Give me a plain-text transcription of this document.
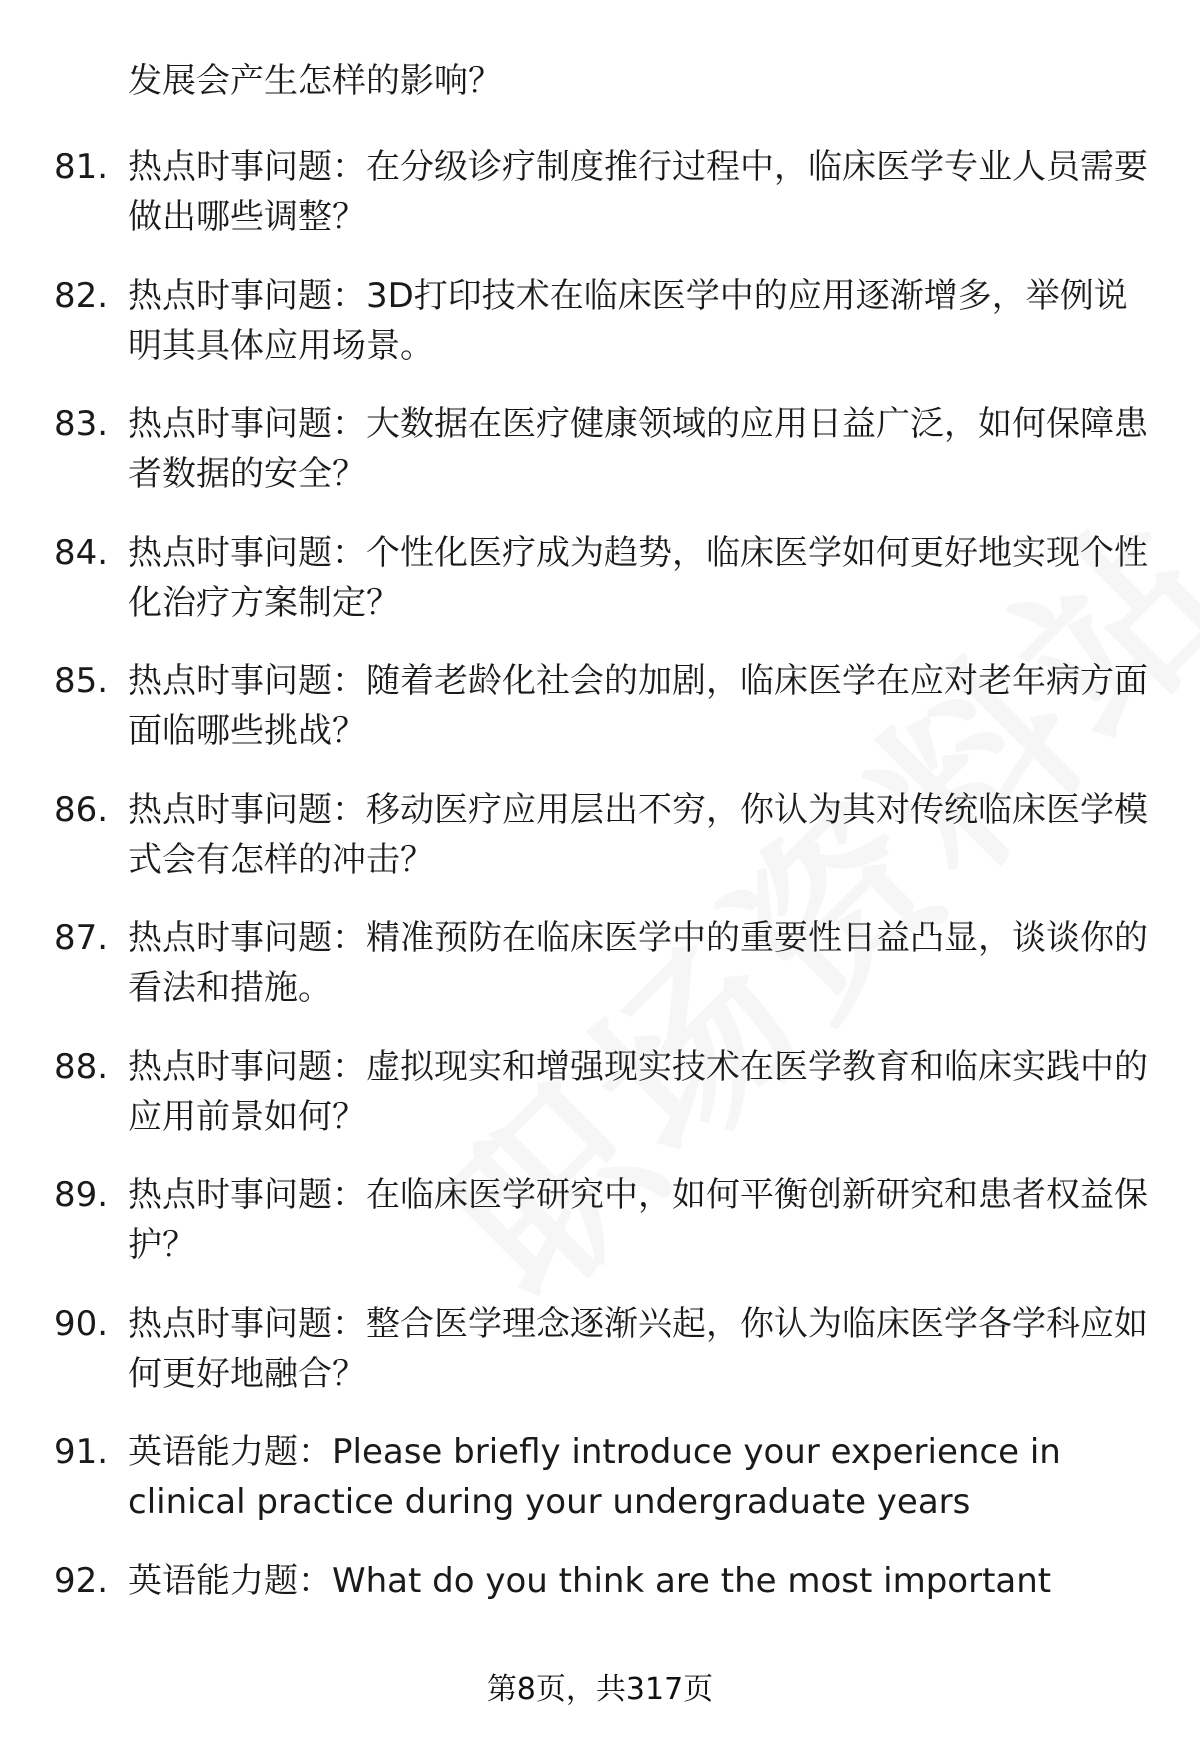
发展会产生怎样的影响？

81. 热点时事问题：在分级诊疗制度推行过程中，临床医学专业人员需要做出哪些调整？
82. 热点时事问题：3D打印技术在临床医学中的应用逐渐增多，举例说明其具体应用场景。
83. 热点时事问题：大数据在医疗健康领域的应用日益广泛，如何保障患者数据的安全？
84. 热点时事问题：个性化医疗成为趋势，临床医学如何更好地实现个性化治疗方案制定？
85. 热点时事问题：随着老龄化社会的加剧，临床医学在应对老年病方面面临哪些挑战？
86. 热点时事问题：移动医疗应用层出不穷，你认为其对传统临床医学模式会有怎样的冲击？
87. 热点时事问题：精准预防在临床医学中的重要性日益凸显，谈谈你的看法和措施。
88. 热点时事问题：虚拟现实和增强现实技术在医学教育和临床实践中的应用前景如何？
89. 热点时事问题：在临床医学研究中，如何平衡创新研究和患者权益保护？
90. 热点时事问题：整合医学理念逐渐兴起，你认为临床医学各学科应如何更好地融合？
91. 英语能力题：Please briefly introduce your experience in clinical practice during your undergraduate years
92. 英语能力题：What do you think are the most important
第8页，共317页
